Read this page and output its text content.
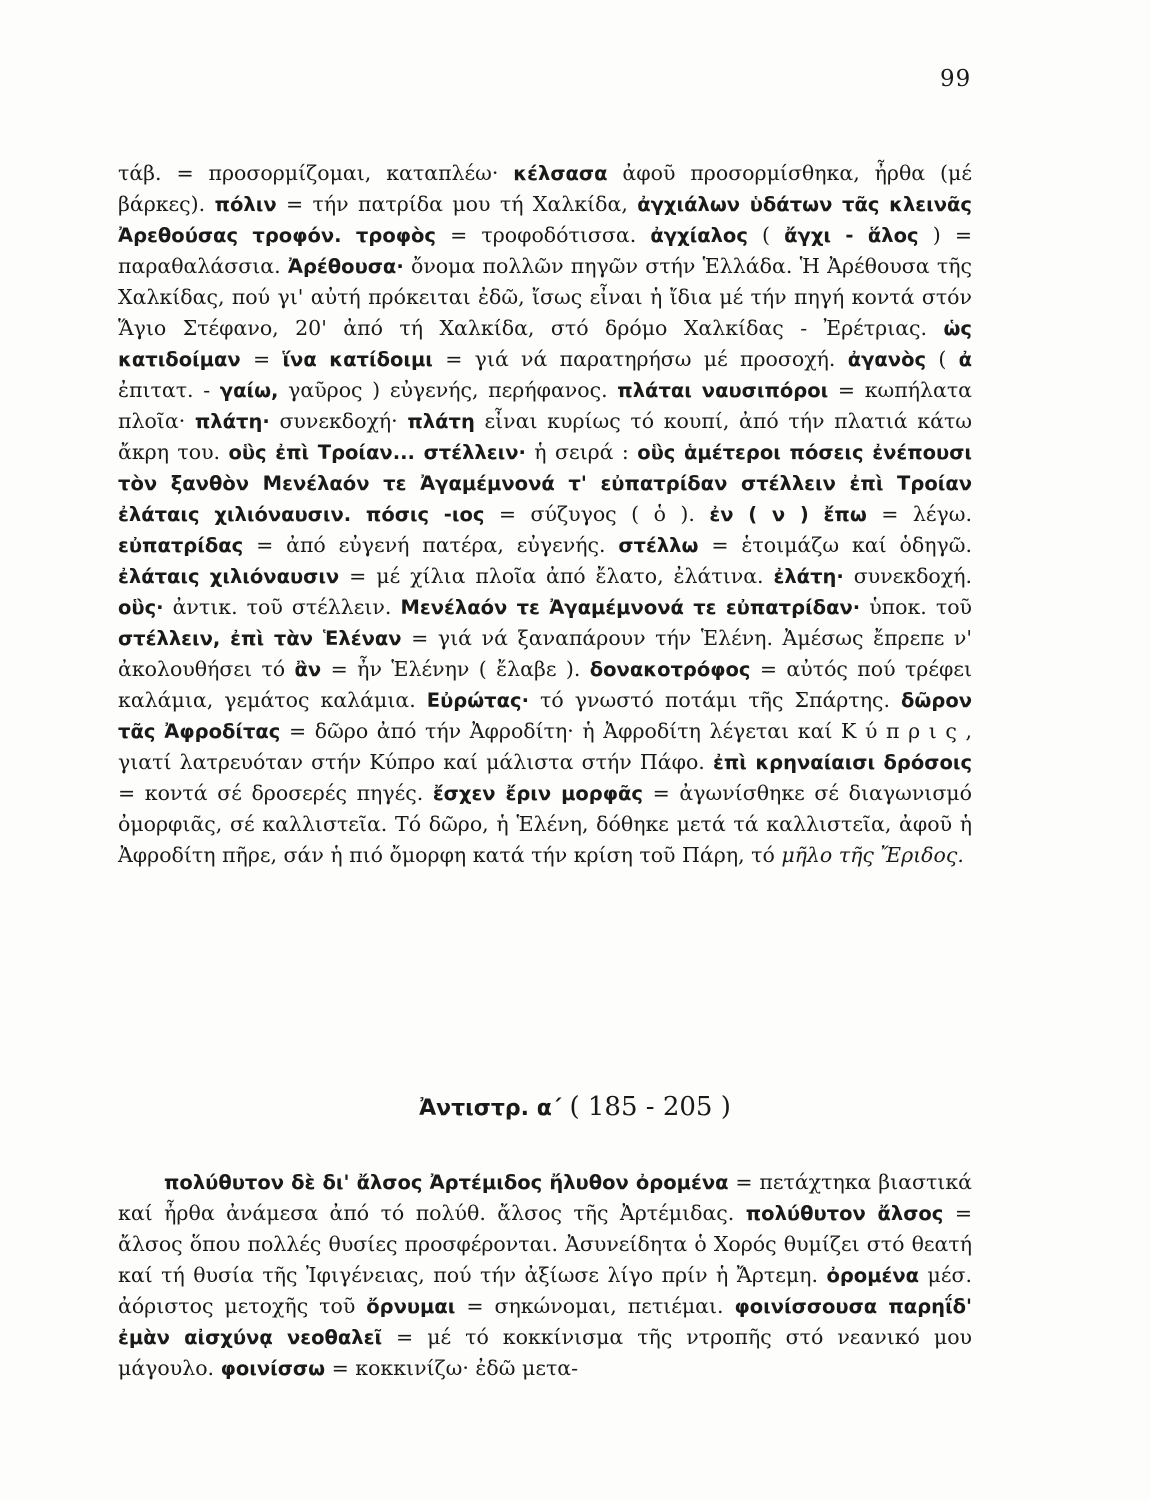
99

τάβ. = προσορμίζομαι, καταπλέω· κέλσασα ἀφοῦ προσορμίσθηκα, ἦρθα (μέ βάρκες). πόλιν = τήν πατρίδα μου τή Χαλκίδα, ἀγχιάλων ὑδάτων τᾶς κλεινᾶς Ἀρεθούσας τροφόν. τροφὸς = τροφοδότισσα. ἀγχίαλος ( ἄγχι - ἅλος ) = παραθαλάσσια. Ἀρέθουσα· ὄνομα πολλῶν πηγῶν στήν Ἑλλάδα. Ἡ Ἀρέθουσα τῆς Χαλκίδας, πού γι' αὐτή πρόκειται ἐδῶ, ἴσως εἶναι ἡ ἴδια μέ τήν πηγή κοντά στόν Ἅγιο Στέφανο, 20' ἀπό τή Χαλκίδα, στό δρόμο Χαλκίδας - Ἐρέτριας. ὡς κατιδοίμαν = ἵνα κατίδοιμι = γιά νά παρατηρήσω μέ προσοχή. ἀγανὸς ( ἀ ἐπιτατ. - γαίω, γαῦρος ) εὐγενής, περήφανος. πλάται ναυσιπόροι = κωπήλατα πλοῖα· πλάτη· συνεκδοχή· πλάτη εἶναι κυρίως τό κουπί, ἀπό τήν πλατιά κάτω ἄκρη του. οὓς ἐπὶ Τροίαν... στέλλειν· ἡ σειρά : οὓς ἁμέτεροι πόσεις ἐνέπουσι τὸν ξανθὸν Μενέλαόν τε Ἀγαμέμνονά τ' εὐπατρίδαν στέλλειν ἐπὶ Τροίαν ἐλάταις χιλιόναυσιν. πόσις -ιος = σύζυγος ( ὁ ). ἐν ( ν ) ἔπω = λέγω. εὐπατρίδας = ἀπό εὐγενή πατέρα, εὐγενής. στέλλω = ἑτοιμάζω καί ὁδηγῶ. ἐλάταις χιλιόναυσιν = μέ χίλια πλοῖα ἀπό ἔλατο, ἐλάτινα. ἐλάτη· συνεκδοχή. οὓς· ἀντικ. τοῦ στέλλειν. Μενέλαόν τε Ἀγαμέμνονά τε εὐπατρίδαν· ὑποκ. τοῦ στέλλειν, ἐπὶ τὰν Ἑλέναν = γιά νά ξαναπάρουν τήν Ἑλένη. Ἀμέσως ἔπρεπε ν' ἀκολουθήσει τό ἂν = ἦν Ἑλένην ( ἔλαβε ). δονακοτρόφος = αὐτός πού τρέφει καλάμια, γεμάτος καλάμια. Εὐρώτας· τό γνωστό ποτάμι τῆς Σπάρτης. δῶρον τᾶς Ἀφροδίτας = δῶρο ἀπό τήν Ἀφροδίτη· ἡ Ἀφροδίτη λέγεται καί Κ ύ π ρ ι ς , γιατί λατρευόταν στήν Κύπρο καί μάλιστα στήν Πάφο. ἐπὶ κρηναίαισι δρόσοις = κοντά σέ δροσερές πηγές. ἔσχεν ἔριν μορφᾶς = ἀγωνίσθηκε σέ διαγωνισμό ὀμορφιᾶς, σέ καλλιστεῖα. Τό δῶρο, ἡ Ἑλένη, δόθηκε μετά τά καλλιστεῖα, ἀφοῦ ἡ Ἀφροδίτη πῆρε, σάν ἡ πιό ὄμορφη κατά τήν κρίση τοῦ Πάρη, τό μῆλο τῆς Ἔριδος.

Ἀντιστρ. α΄ ( 185 - 205 )

πολύθυτον δὲ δι' ἄλσος Ἀρτέμιδος ἤλυθον ὀρομένα = πετάχτηκα βιαστικά καί ἦρθα ἀνάμεσα ἀπό τό πολύθ. ἄλσος τῆς Ἀρτέμιδας. πολύθυτον ἄλσος = ἄλσος ὅπου πολλές θυσίες προσφέρονται. Ἀσυνείδητα ὁ Χορός θυμίζει στό θεατή καί τή θυσία τῆς Ἰφιγένειας, πού τήν ἀξίωσε λίγο πρίν ἡ Ἄρτεμη. ὀρομένα μέσ. ἀόριστος μετοχῆς τοῦ ὄρνυμαι = σηκώνομαι, πετιέμαι. φοινίσσουσα παρηΐδ' ἐμὰν αἰσχύνᾳ νεοθαλεῖ = μέ τό κοκκίνισμα τῆς ντροπῆς στό νεανικό μου μάγουλο. φοινίσσω = κοκκινίζω· ἐδῶ μετα-
